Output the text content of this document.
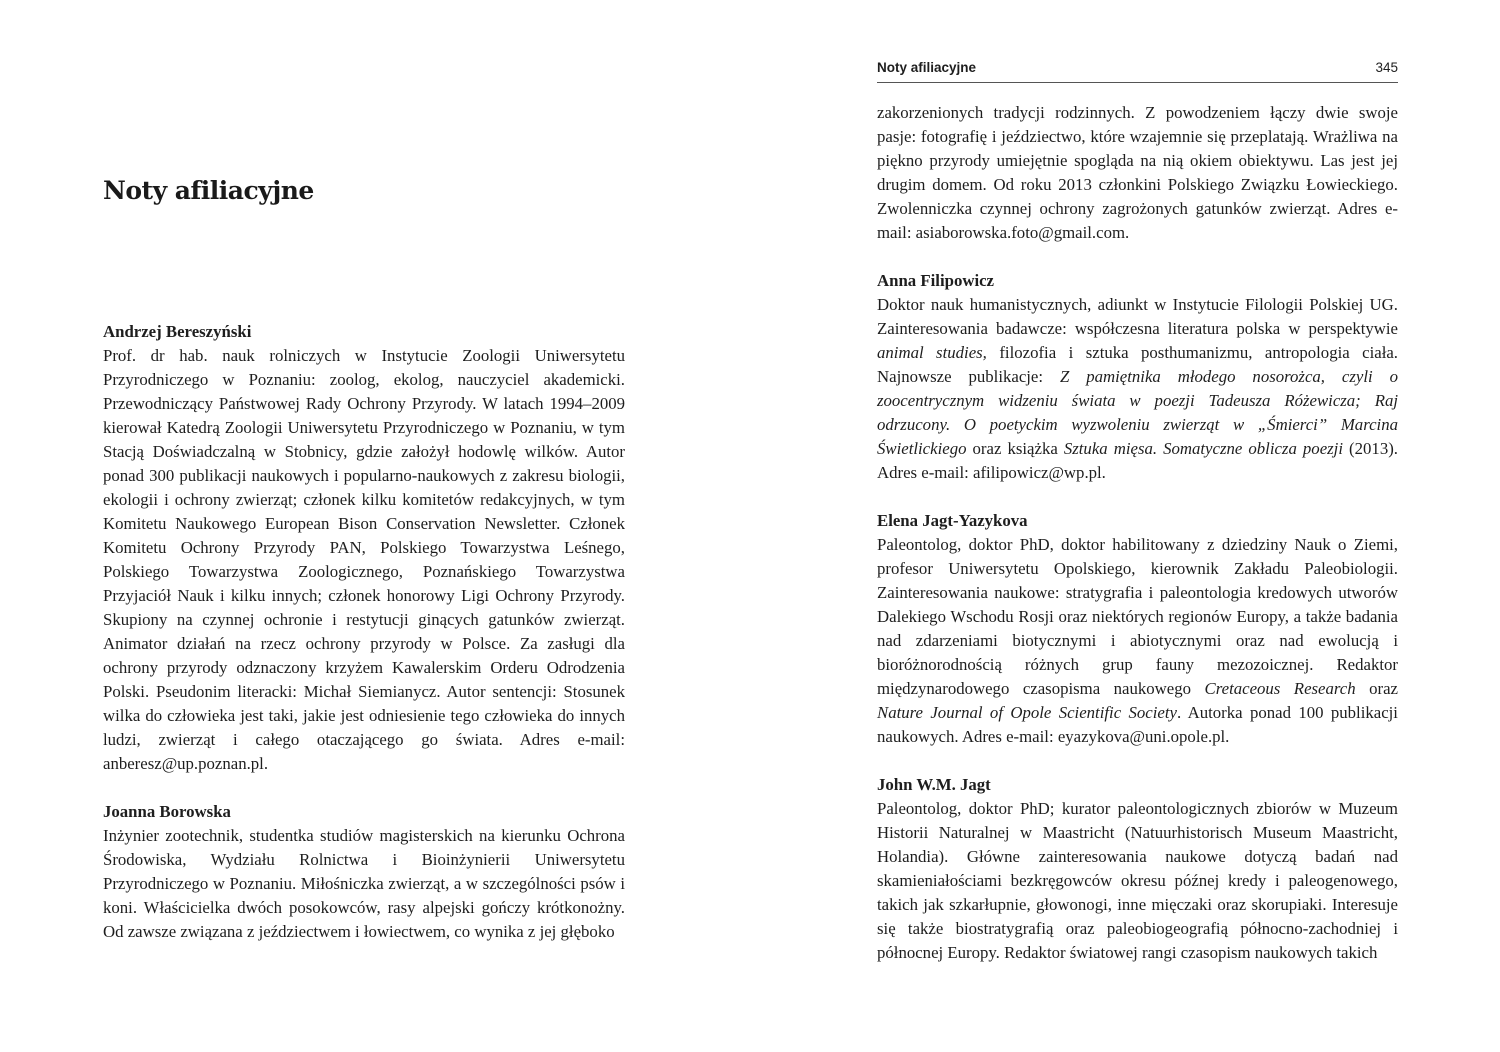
Noty afiliacyjne

Andrzej Bereszyński

Prof. dr hab. nauk rolniczych w Instytucie Zoologii Uniwersytetu Przyrodniczego w Poznaniu: zoolog, ekolog, nauczyciel akademicki. Przewodniczący Państwowej Rady Ochrony Przyrody. W latach 1994–2009 kierował Katedrą Zoologii Uniwersytetu Przyrodniczego w Poznaniu, w tym Stacją Doświadczalną w Stobnicy, gdzie założył hodowlę wilków. Autor ponad 300 publikacji naukowych i popularno-naukowych z zakresu biologii, ekologii i ochrony zwierząt; członek kilku komitetów redakcyjnych, w tym Komitetu Naukowego European Bison Conservation Newsletter. Członek Komitetu Ochrony Przyrody PAN, Polskiego Towarzystwa Leśnego, Polskiego Towarzystwa Zoologicznego, Poznańskiego Towarzystwa Przyjaciół Nauk i kilku innych; członek honorowy Ligi Ochrony Przyrody. Skupiony na czynnej ochronie i restytucji ginących gatunków zwierząt. Animator działań na rzecz ochrony przyrody w Polsce. Za zasługi dla ochrony przyrody odznaczony krzyżem Kawalerskim Orderu Odrodzenia Polski. Pseudonim literacki: Michał Siemianycz. Autor sentencji: Stosunek wilka do człowieka jest taki, jakie jest odniesienie tego człowieka do innych ludzi, zwierząt i całego otaczającego go świata. Adres e-mail: anberesz@up.poznan.pl.

Joanna Borowska

Inżynier zootechnik, studentka studiów magisterskich na kierunku Ochrona Środowiska, Wydziału Rolnictwa i Bioinżynierii Uniwersytetu Przyrodniczego w Poznaniu. Miłośniczka zwierząt, a w szczególności psów i koni. Właścicielka dwóch posokowców, rasy alpejski gończy krótkonożny. Od zawsze związana z jeździectwem i łowiectwem, co wynika z jej głęboko

Noty afiliacyjne	345

zakorzenionych tradycji rodzinnych. Z powodzeniem łączy dwie swoje pasje: fotografię i jeździectwo, które wzajemnie się przeplatają. Wrażliwa na piękno przyrody umiejętnie spogląda na nią okiem obiektywu. Las jest jej drugim domem. Od roku 2013 członkini Polskiego Związku Łowieckiego. Zwolenniczka czynnej ochrony zagrożonych gatunków zwierząt. Adres e-mail: asiaborowska.foto@gmail.com.

Anna Filipowicz

Doktor nauk humanistycznych, adiunkt w Instytucie Filologii Polskiej UG. Zainteresowania badawcze: współczesna literatura polska w perspektywie animal studies, filozofia i sztuka posthumanizmu, antropologia ciała. Najnowsze publikacje: Z pamiętnika młodego nosorożca, czyli o zoocentrycznym widzeniu świata w poezji Tadeusza Różewicza; Raj odrzucony. O poetyckim wyzwoleniu zwierząt w „Śmierci” Marcina Świetlickiego oraz książka Sztuka mięsa. Somatyczne oblicza poezji (2013). Adres e-mail: afilipowicz@wp.pl.

Elena Jagt-Yazykova

Paleontolog, doktor PhD, doktor habilitowany z dziedziny Nauk o Ziemi, profesor Uniwersytetu Opolskiego, kierownik Zakładu Paleobiologii. Zainteresowania naukowe: stratygrafia i paleontologia kredowych utworów Dalekiego Wschodu Rosji oraz niektórych regionów Europy, a także badania nad zdarzeniami biotycznymi i abiotycznymi oraz nad ewolucją i bioróżnorodnością różnych grup fauny mezozoicznej. Redaktor międzynarodowego czasopisma naukowego Cretaceous Research oraz Nature Journal of Opole Scientific Society. Autorka ponad 100 publikacji naukowych. Adres e-mail: eyazykova@uni.opole.pl.

John W.M. Jagt

Paleontolog, doktor PhD; kurator paleontologicznych zbiorów w Muzeum Historii Naturalnej w Maastricht (Natuurhistorisch Museum Maastricht, Holandia). Główne zainteresowania naukowe dotyczą badań nad skamieniałościami bezkręgowców okresu późnej kredy i paleogenowego, takich jak szkarłupnie, głowonogi, inne mięczaki oraz skorupiaki. Interesuje się także biostratygrafią oraz paleobiogeografią północno-zachodniej i północnej Europy. Redaktor światowej rangi czasopism naukowych takich
